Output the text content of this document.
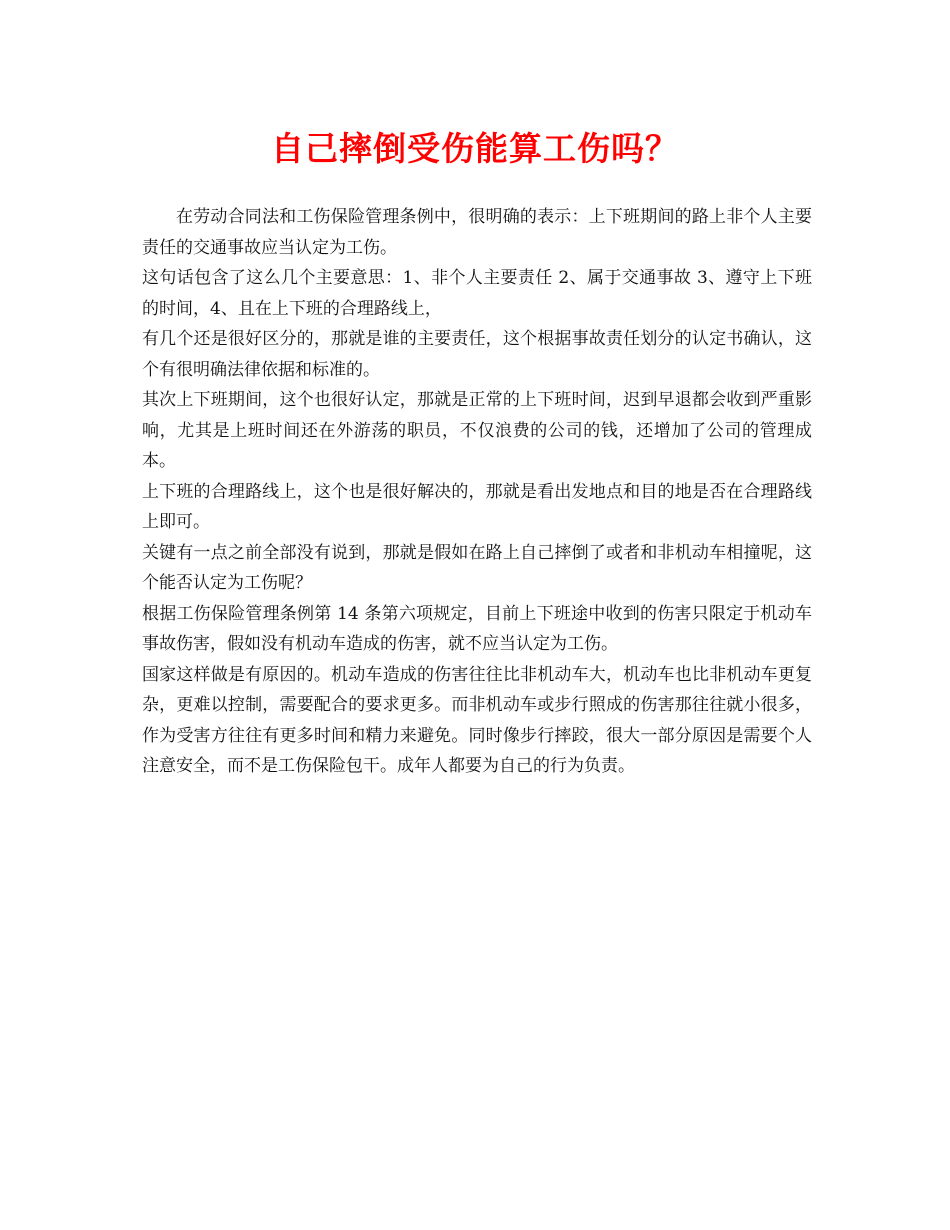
自己摔倒受伤能算工伤吗？

在劳动合同法和工伤保险管理条例中，很明确的表示：上下班期间的路上非个人主要责任的交通事故应当认定为工伤。

这句话包含了这么几个主要意思：1、非个人主要责任 2、属于交通事故 3、遵守上下班的时间，4、且在上下班的合理路线上，

有几个还是很好区分的，那就是谁的主要责任，这个根据事故责任划分的认定书确认，这个有很明确法律依据和标准的。

其次上下班期间，这个也很好认定，那就是正常的上下班时间，迟到早退都会收到严重影响，尤其是上班时间还在外游荡的职员，不仅浪费的公司的钱，还增加了公司的管理成本。

上下班的合理路线上，这个也是很好解决的，那就是看出发地点和目的地是否在合理路线上即可。

关键有一点之前全部没有说到，那就是假如在路上自己摔倒了或者和非机动车相撞呢，这个能否认定为工伤呢？

根据工伤保险管理条例第 14 条第六项规定，目前上下班途中收到的伤害只限定于机动车事故伤害，假如没有机动车造成的伤害，就不应当认定为工伤。

国家这样做是有原因的。机动车造成的伤害往往比非机动车大，机动车也比非机动车更复杂，更难以控制，需要配合的要求更多。而非机动车或步行照成的伤害那往往就小很多，作为受害方往往有更多时间和精力来避免。同时像步行摔跤，很大一部分原因是需要个人注意安全，而不是工伤保险包干。成年人都要为自己的行为负责。
